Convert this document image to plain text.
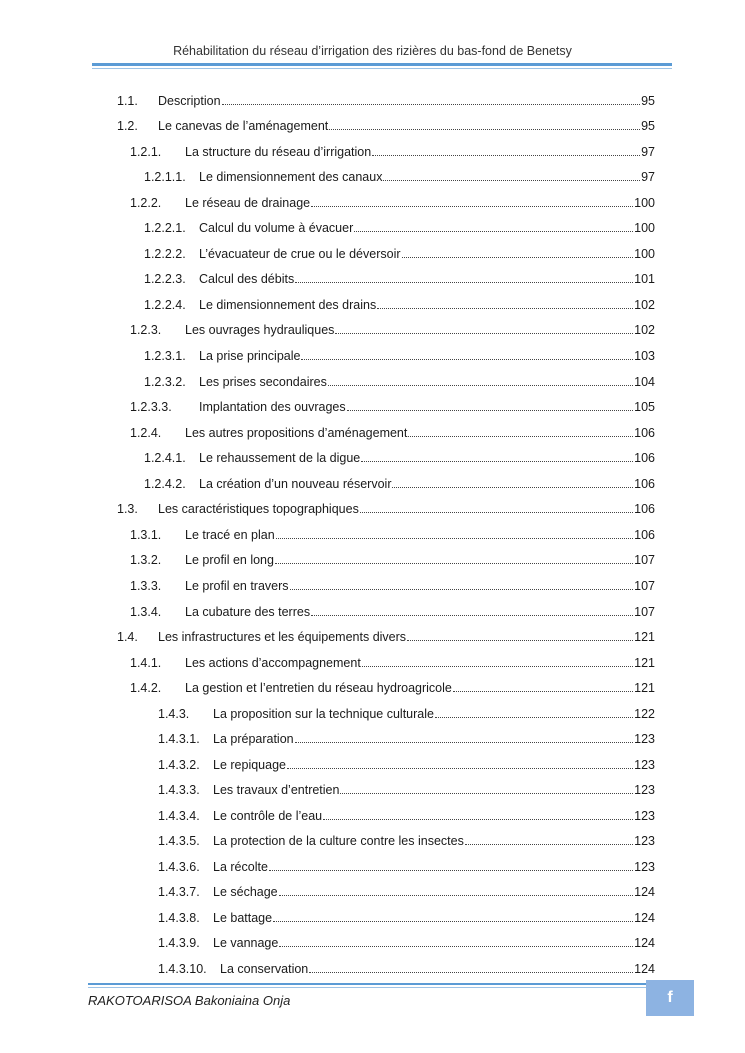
Réhabilitation du réseau d’irrigation des rizières du bas-fond de Benetsy
1.1.	Description	95
1.2.	Le canevas de l’aménagement	95
1.2.1.	La structure du réseau d’irrigation	97
1.2.1.1.	Le dimensionnement des canaux	97
1.2.2.	Le réseau de drainage	100
1.2.2.1.	Calcul du volume à évacuer	100
1.2.2.2.	L’évacuateur de crue ou le déversoir	100
1.2.2.3.	Calcul des débits	101
1.2.2.4.	Le dimensionnement des drains	102
1.2.3.	Les ouvrages hydrauliques	102
1.2.3.1.	La prise principale	103
1.2.3.2.	Les prises secondaires	104
1.2.3.3.	Implantation des ouvrages	105
1.2.4.	Les autres propositions d’aménagement	106
1.2.4.1.	Le rehaussement de la digue	106
1.2.4.2.	La création d’un nouveau réservoir	106
1.3.	Les caractéristiques topographiques	106
1.3.1.	Le tracé en plan	106
1.3.2.	Le profil en long	107
1.3.3.	Le profil en travers	107
1.3.4.	La cubature des terres	107
1.4.	Les infrastructures et les équipements divers	121
1.4.1.	Les actions d’accompagnement	121
1.4.2.	La gestion et l’entretien du réseau hydroagricole	121
1.4.3.	La proposition sur la technique culturale	122
1.4.3.1.	La préparation	123
1.4.3.2.	Le repiquage	123
1.4.3.3.	Les travaux d’entretien	123
1.4.3.4.	Le contrôle de l’eau	123
1.4.3.5.	La protection de la culture contre les insectes	123
1.4.3.6.	La récolte	123
1.4.3.7.	Le séchage	124
1.4.3.8.	Le battage	124
1.4.3.9.	Le vannage	124
1.4.3.10.	La conservation	124
RAKOTOARISOA Bakoniaina Onja	f
